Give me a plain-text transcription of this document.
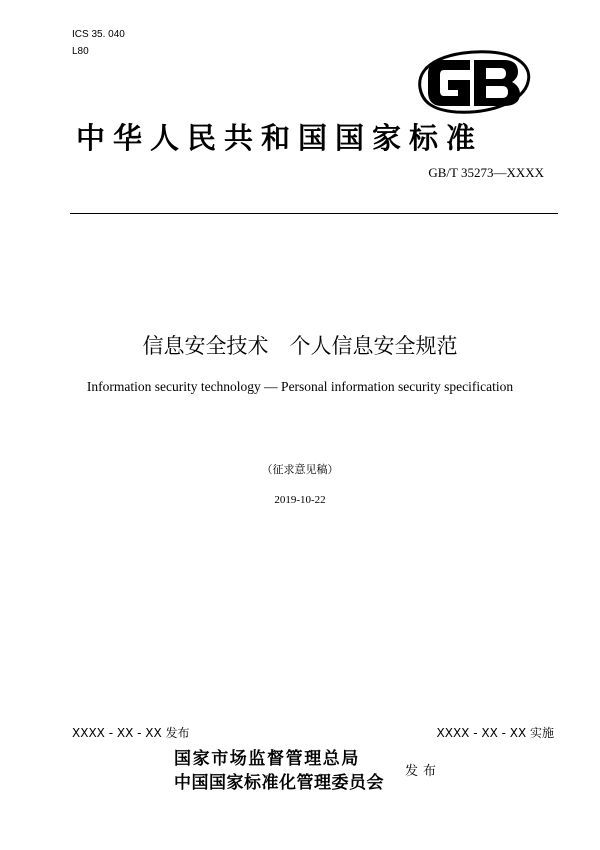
ICS 35. 040
L80
中华人民共和国国家标准
GB/T 35273—XXXX
信息安全技术　个人信息安全规范
Information security technology — Personal information security specification
（征求意见稿）
2019-10-22
XXXX - XX - XX 发布	XXXX - XX - XX 实施
国家市场监督管理总局
中国国家标准化管理委员会
发布
